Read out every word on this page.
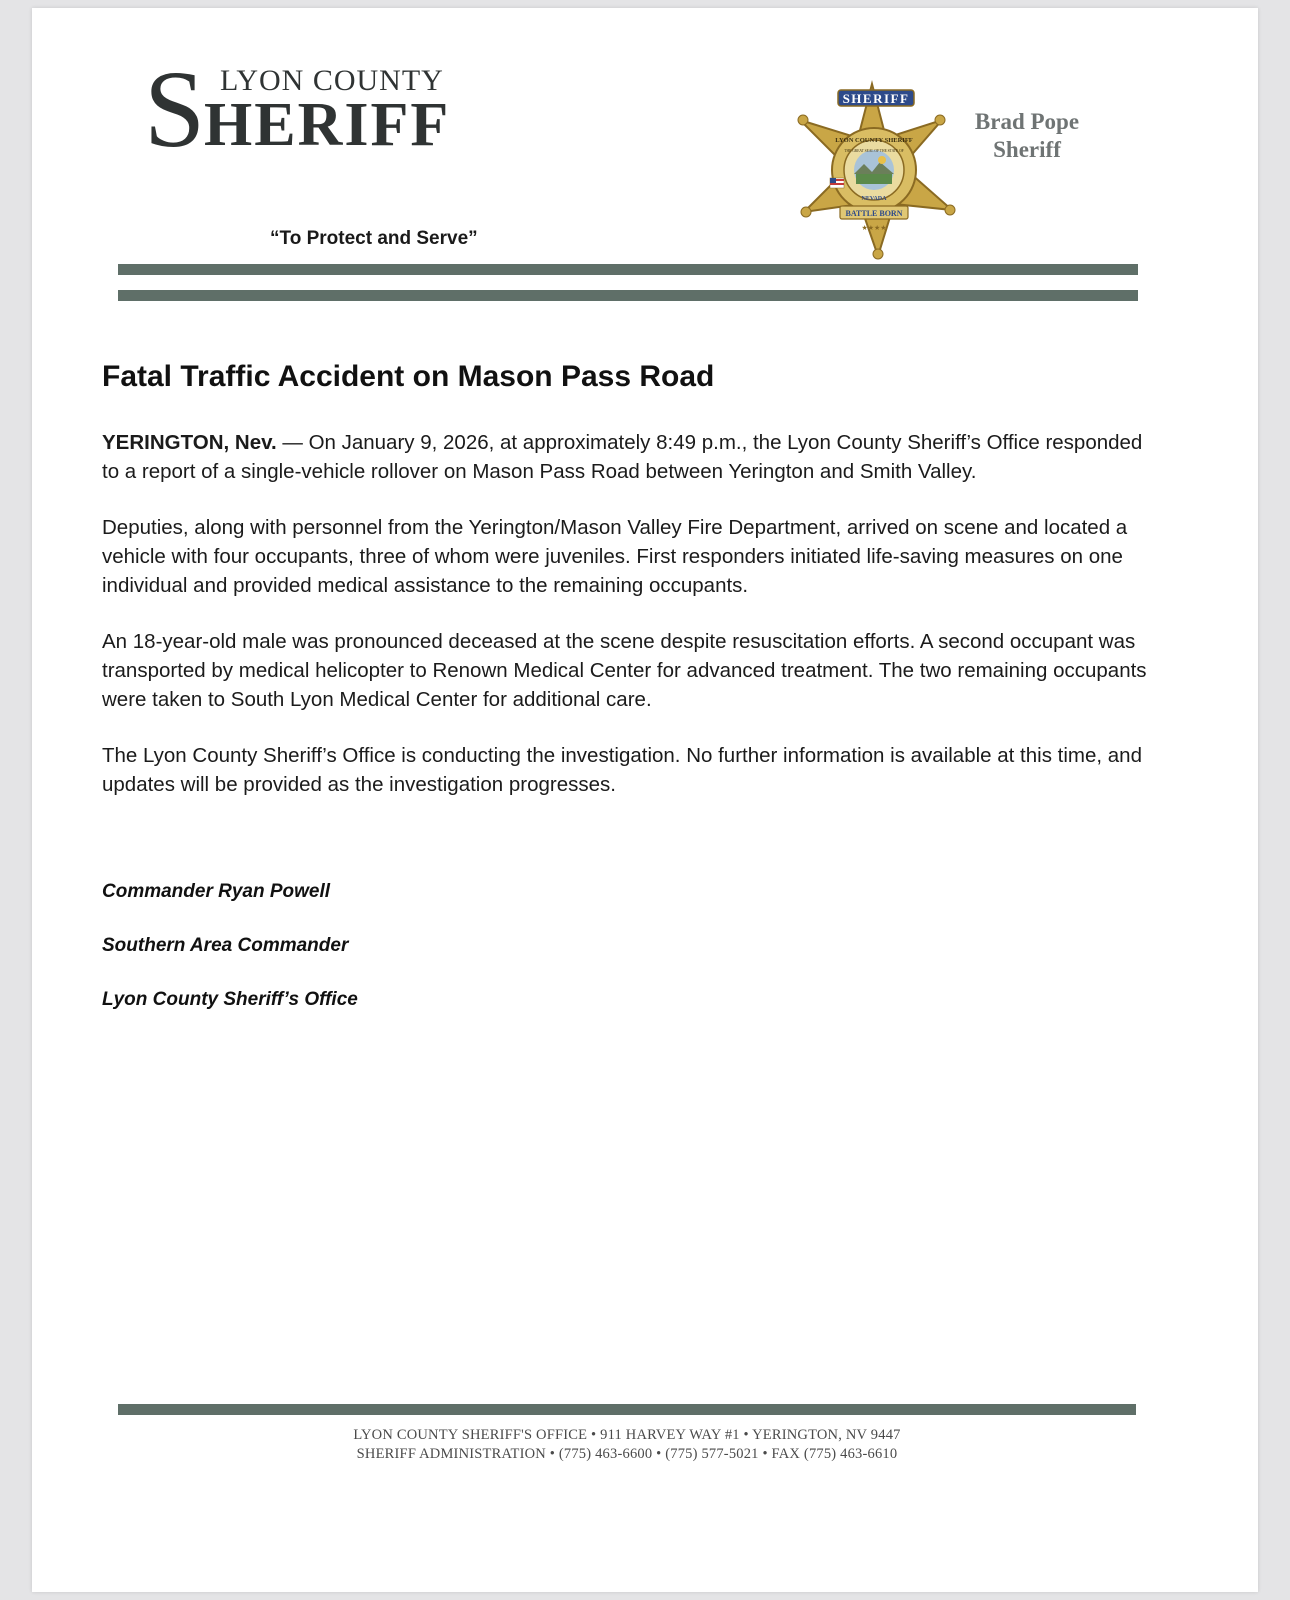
S LYON COUNTY
HERIFF
“To Protect and Serve”
SHERIFF
LYON COUNTY SHERIFF
THE GREAT SEAL OF THE STATE OF
NEVADA
BATTLE BORN
★★★★
Brad Pope
Sheriff
Fatal Traffic Accident on Mason Pass Road

YERINGTON, Nev. — On January 9, 2026, at approximately 8:49 p.m., the Lyon County Sheriff’s Office responded to a report of a single-vehicle rollover on Mason Pass Road between Yerington and Smith Valley.

Deputies, along with personnel from the Yerington/Mason Valley Fire Department, arrived on scene and located a vehicle with four occupants, three of whom were juveniles. First responders initiated life-saving measures on one individual and provided medical assistance to the remaining occupants.

An 18-year-old male was pronounced deceased at the scene despite resuscitation efforts. A second occupant was transported by medical helicopter to Renown Medical Center for advanced treatment. The two remaining occupants were taken to South Lyon Medical Center for additional care.

The Lyon County Sheriff’s Office is conducting the investigation. No further information is available at this time, and updates will be provided as the investigation progresses.

Commander Ryan Powell
Southern Area Commander
Lyon County Sheriff’s Office
LYON COUNTY SHERIFF'S OFFICE • 911 HARVEY WAY #1 • YERINGTON, NV 9447
SHERIFF ADMINISTRATION • (775) 463-6600 • (775) 577-5021 • FAX (775) 463-6610
